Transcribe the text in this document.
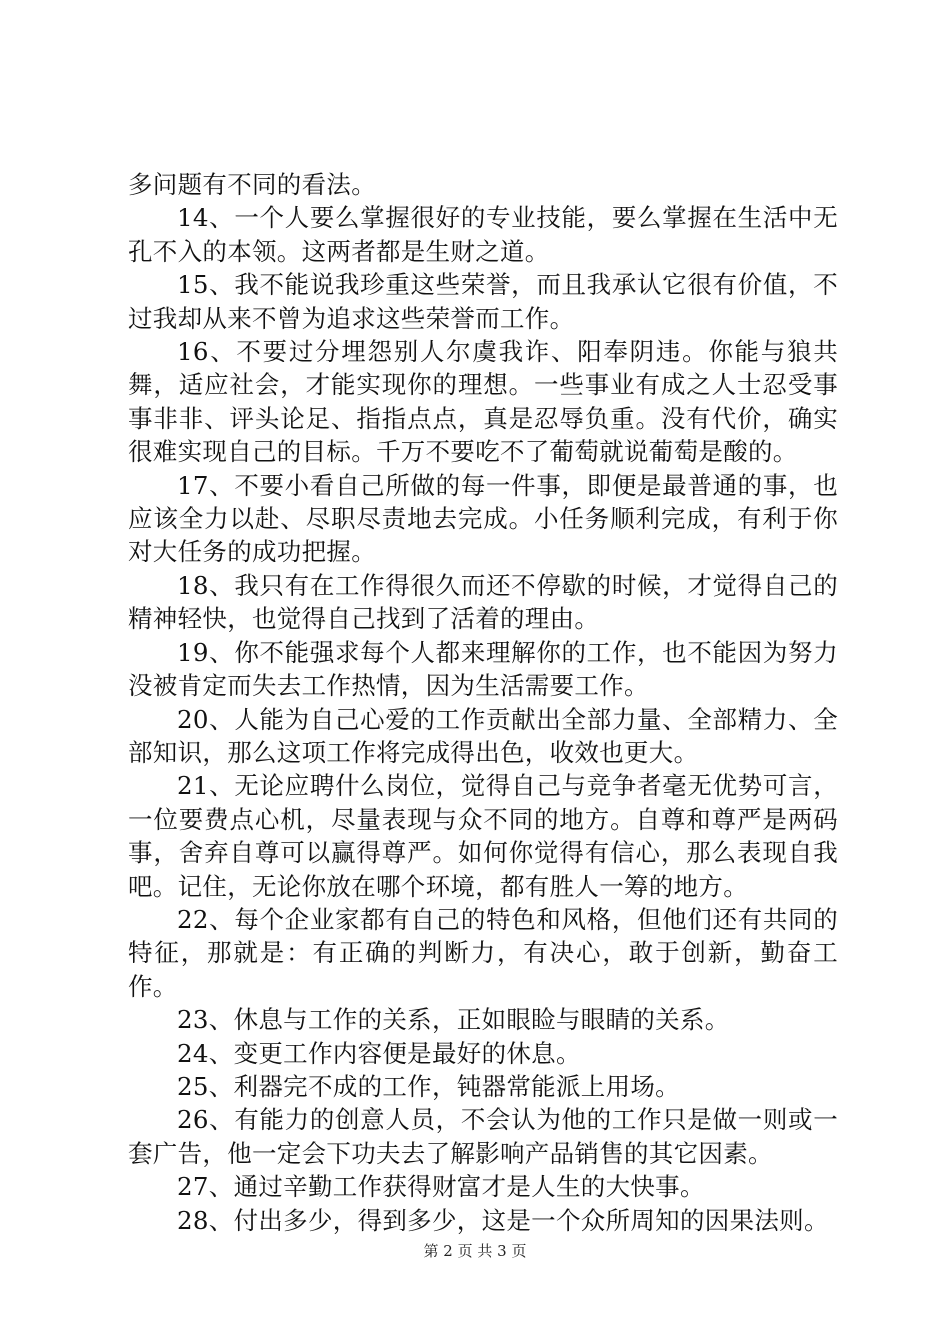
多问题有不同的看法。

14、一个人要么掌握很好的专业技能，要么掌握在生活中无孔不入的本领。这两者都是生财之道。

15、我不能说我珍重这些荣誉，而且我承认它很有价值，不过我却从来不曾为追求这些荣誉而工作。

16、不要过分埋怨别人尔虞我诈、阳奉阴违。你能与狼共舞，适应社会，才能实现你的理想。一些事业有成之人士忍受事事非非、评头论足、指指点点，真是忍辱负重。没有代价，确实很难实现自己的目标。千万不要吃不了葡萄就说葡萄是酸的。

17、不要小看自己所做的每一件事，即便是最普通的事，也应该全力以赴、尽职尽责地去完成。小任务顺利完成，有利于你对大任务的成功把握。

18、我只有在工作得很久而还不停歇的时候，才觉得自己的精神轻快，也觉得自己找到了活着的理由。

19、你不能强求每个人都来理解你的工作，也不能因为努力没被肯定而失去工作热情，因为生活需要工作。

20、人能为自己心爱的工作贡献出全部力量、全部精力、全部知识，那么这项工作将完成得出色，收效也更大。

21、无论应聘什么岗位，觉得自己与竞争者毫无优势可言，一位要费点心机，尽量表现与众不同的地方。自尊和尊严是两码事，舍弃自尊可以赢得尊严。如何你觉得有信心，那么表现自我吧。记住，无论你放在哪个环境，都有胜人一筹的地方。

22、每个企业家都有自己的特色和风格，但他们还有共同的特征，那就是：有正确的判断力，有决心，敢于创新，勤奋工作。

23、休息与工作的关系，正如眼睑与眼睛的关系。

24、变更工作内容便是最好的休息。

25、利器完不成的工作，钝器常能派上用场。

26、有能力的创意人员，不会认为他的工作只是做一则或一套广告，他一定会下功夫去了解影响产品销售的其它因素。

27、通过辛勤工作获得财富才是人生的大快事。

28、付出多少，得到多少，这是一个众所周知的因果法则。

第 2 页 共 3 页
